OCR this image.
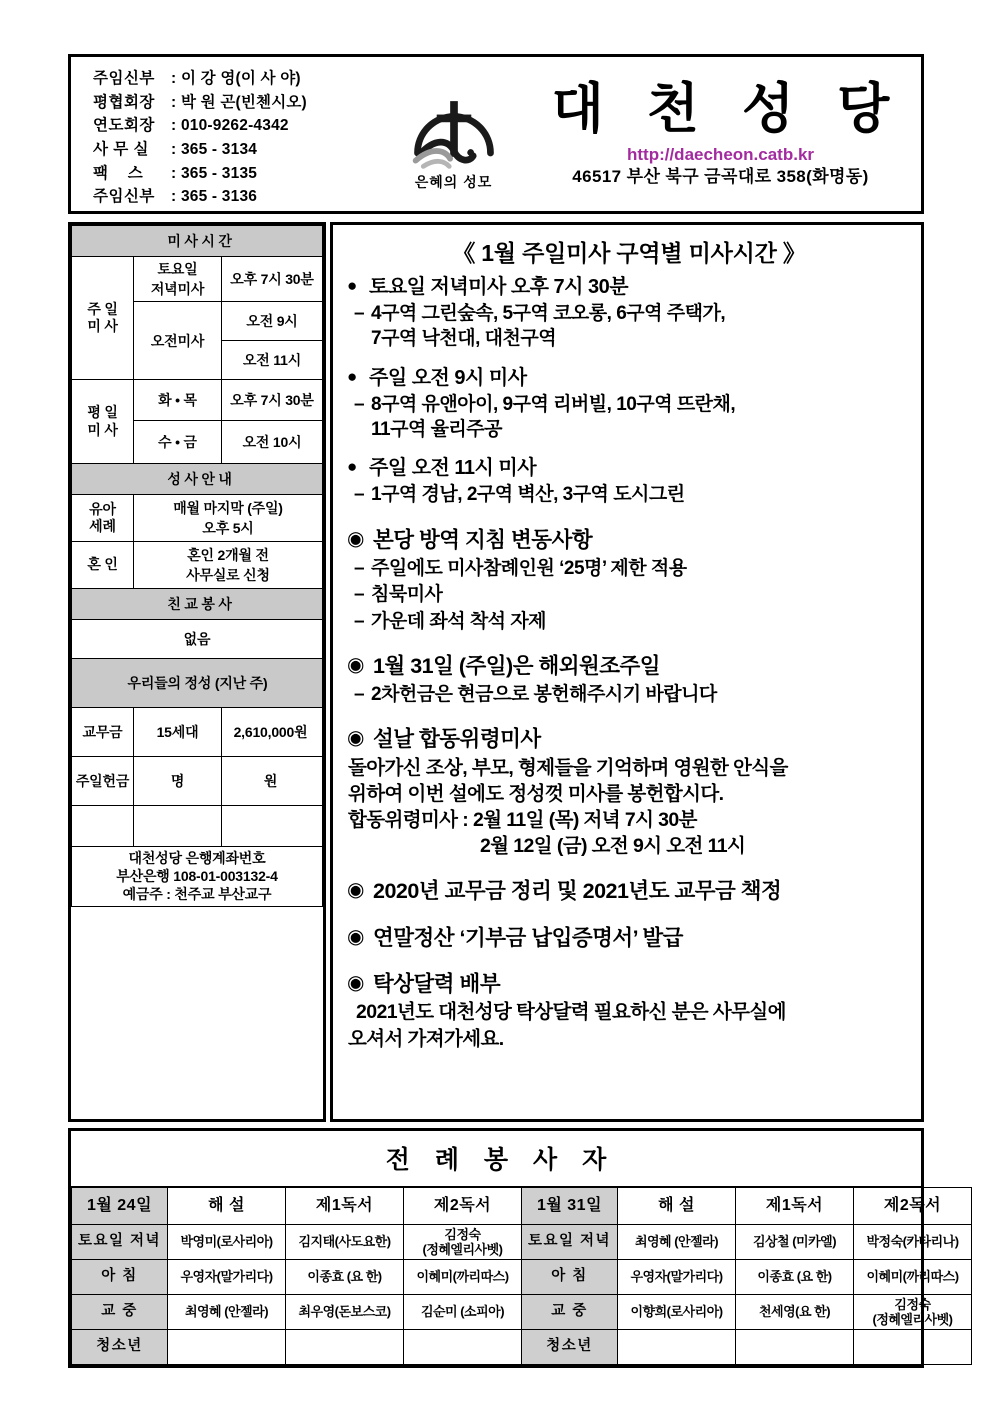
주임신부	: 이 강 영(이 사 야)
평협회장	: 박 원 곤(빈첸시오)
연도회장	: 010-9262-4342
사 무 실	: 365 - 3134
팩    스	: 365 - 3135
주임신부	: 365 - 3136
은혜의 성모
대 천 성 당
http://daecheon.catb.kr
46517 부산 북구 금곡대로 358(화명동)
미 사 시 간		
주 일
미 사	토요일
저녁미사	오후 7시 30분
	오전미사	오전 9시
		오전 11시
평 일
미 사	화 • 목	오후 7시 30분
	수 • 금	오전 10시
성 사 안 내		
유아
세례	매월 마지막 (주일)
오후 5시	
혼 인	혼인 2개월 전
사무실로 신청	
친 교 봉 사		
없음		
우리들의 정성 (지난 주)		
교무금	15세대	2,610,000원
주일헌금	명	원

대천성당 은행계좌번호
부산은행 108-01-003132-4
예금주 : 천주교 부산교구		
《 1월 주일미사 구역별 미사시간 》
● 토요일 저녁미사 오후 7시 30분
– 4구역 그린숲속, 5구역 코오롱, 6구역 주택가,
7구역 낙천대, 대천구역
● 주일 오전 9시 미사
– 8구역 유앤아이, 9구역 리버빌, 10구역 뜨란채,
11구역 율리주공
● 주일 오전 11시 미사
– 1구역 경남, 2구역 벽산, 3구역 도시그린
◉ 본당 방역 지침 변동사항
– 주일에도 미사참례인원 ‘25명’ 제한 적용
– 침묵미사
– 가운데 좌석 착석 자제
◉ 1월 31일 (주일)은 해외원조주일
– 2차헌금은 현금으로 봉헌해주시기 바랍니다
◉ 설날 합동위령미사
돌아가신 조상, 부모, 형제들을 기억하며 영원한 안식을
위하여 이번 설에도 정성껏 미사를 봉헌합시다.
합동위령미사 : 2월 11일 (목) 저녁 7시 30분
2월 12일 (금) 오전 9시 오전 11시
◉ 2020년 교무금 정리 및 2021년도 교무금 책정
◉ 연말정산 ‘기부금 납입증명서’ 발급
◉ 탁상달력 배부
2021년도 대천성당 탁상달력 필요하신 분은 사무실에
오셔서 가져가세요.
전 례 봉 사 자
1월 24일	해 설	제1독서	제2독서	1월 31일	해 설	제1독서	제2독서
토요일 저녁	박영미(로사리아)	김지태(사도요한)	김정숙
(정혜엘리사벳)	토요일 저녁	최영혜 (안젤라)	김상철 (미카엘)	박정숙(카타리나)
아 침	우영자(말가리다)	이종효 (요 한)	이혜미(까리따스)	아 침	우영자(말가리다)	이종효 (요 한)	이혜미(까리따스)
교 중	최영혜 (안젤라)	최우영(돈보스코)	김순미 (소피아)	교 중	이향희(로사리아)	천세영(요 한)	김정숙
(정혜엘리사벳)
청소년				청소년			
